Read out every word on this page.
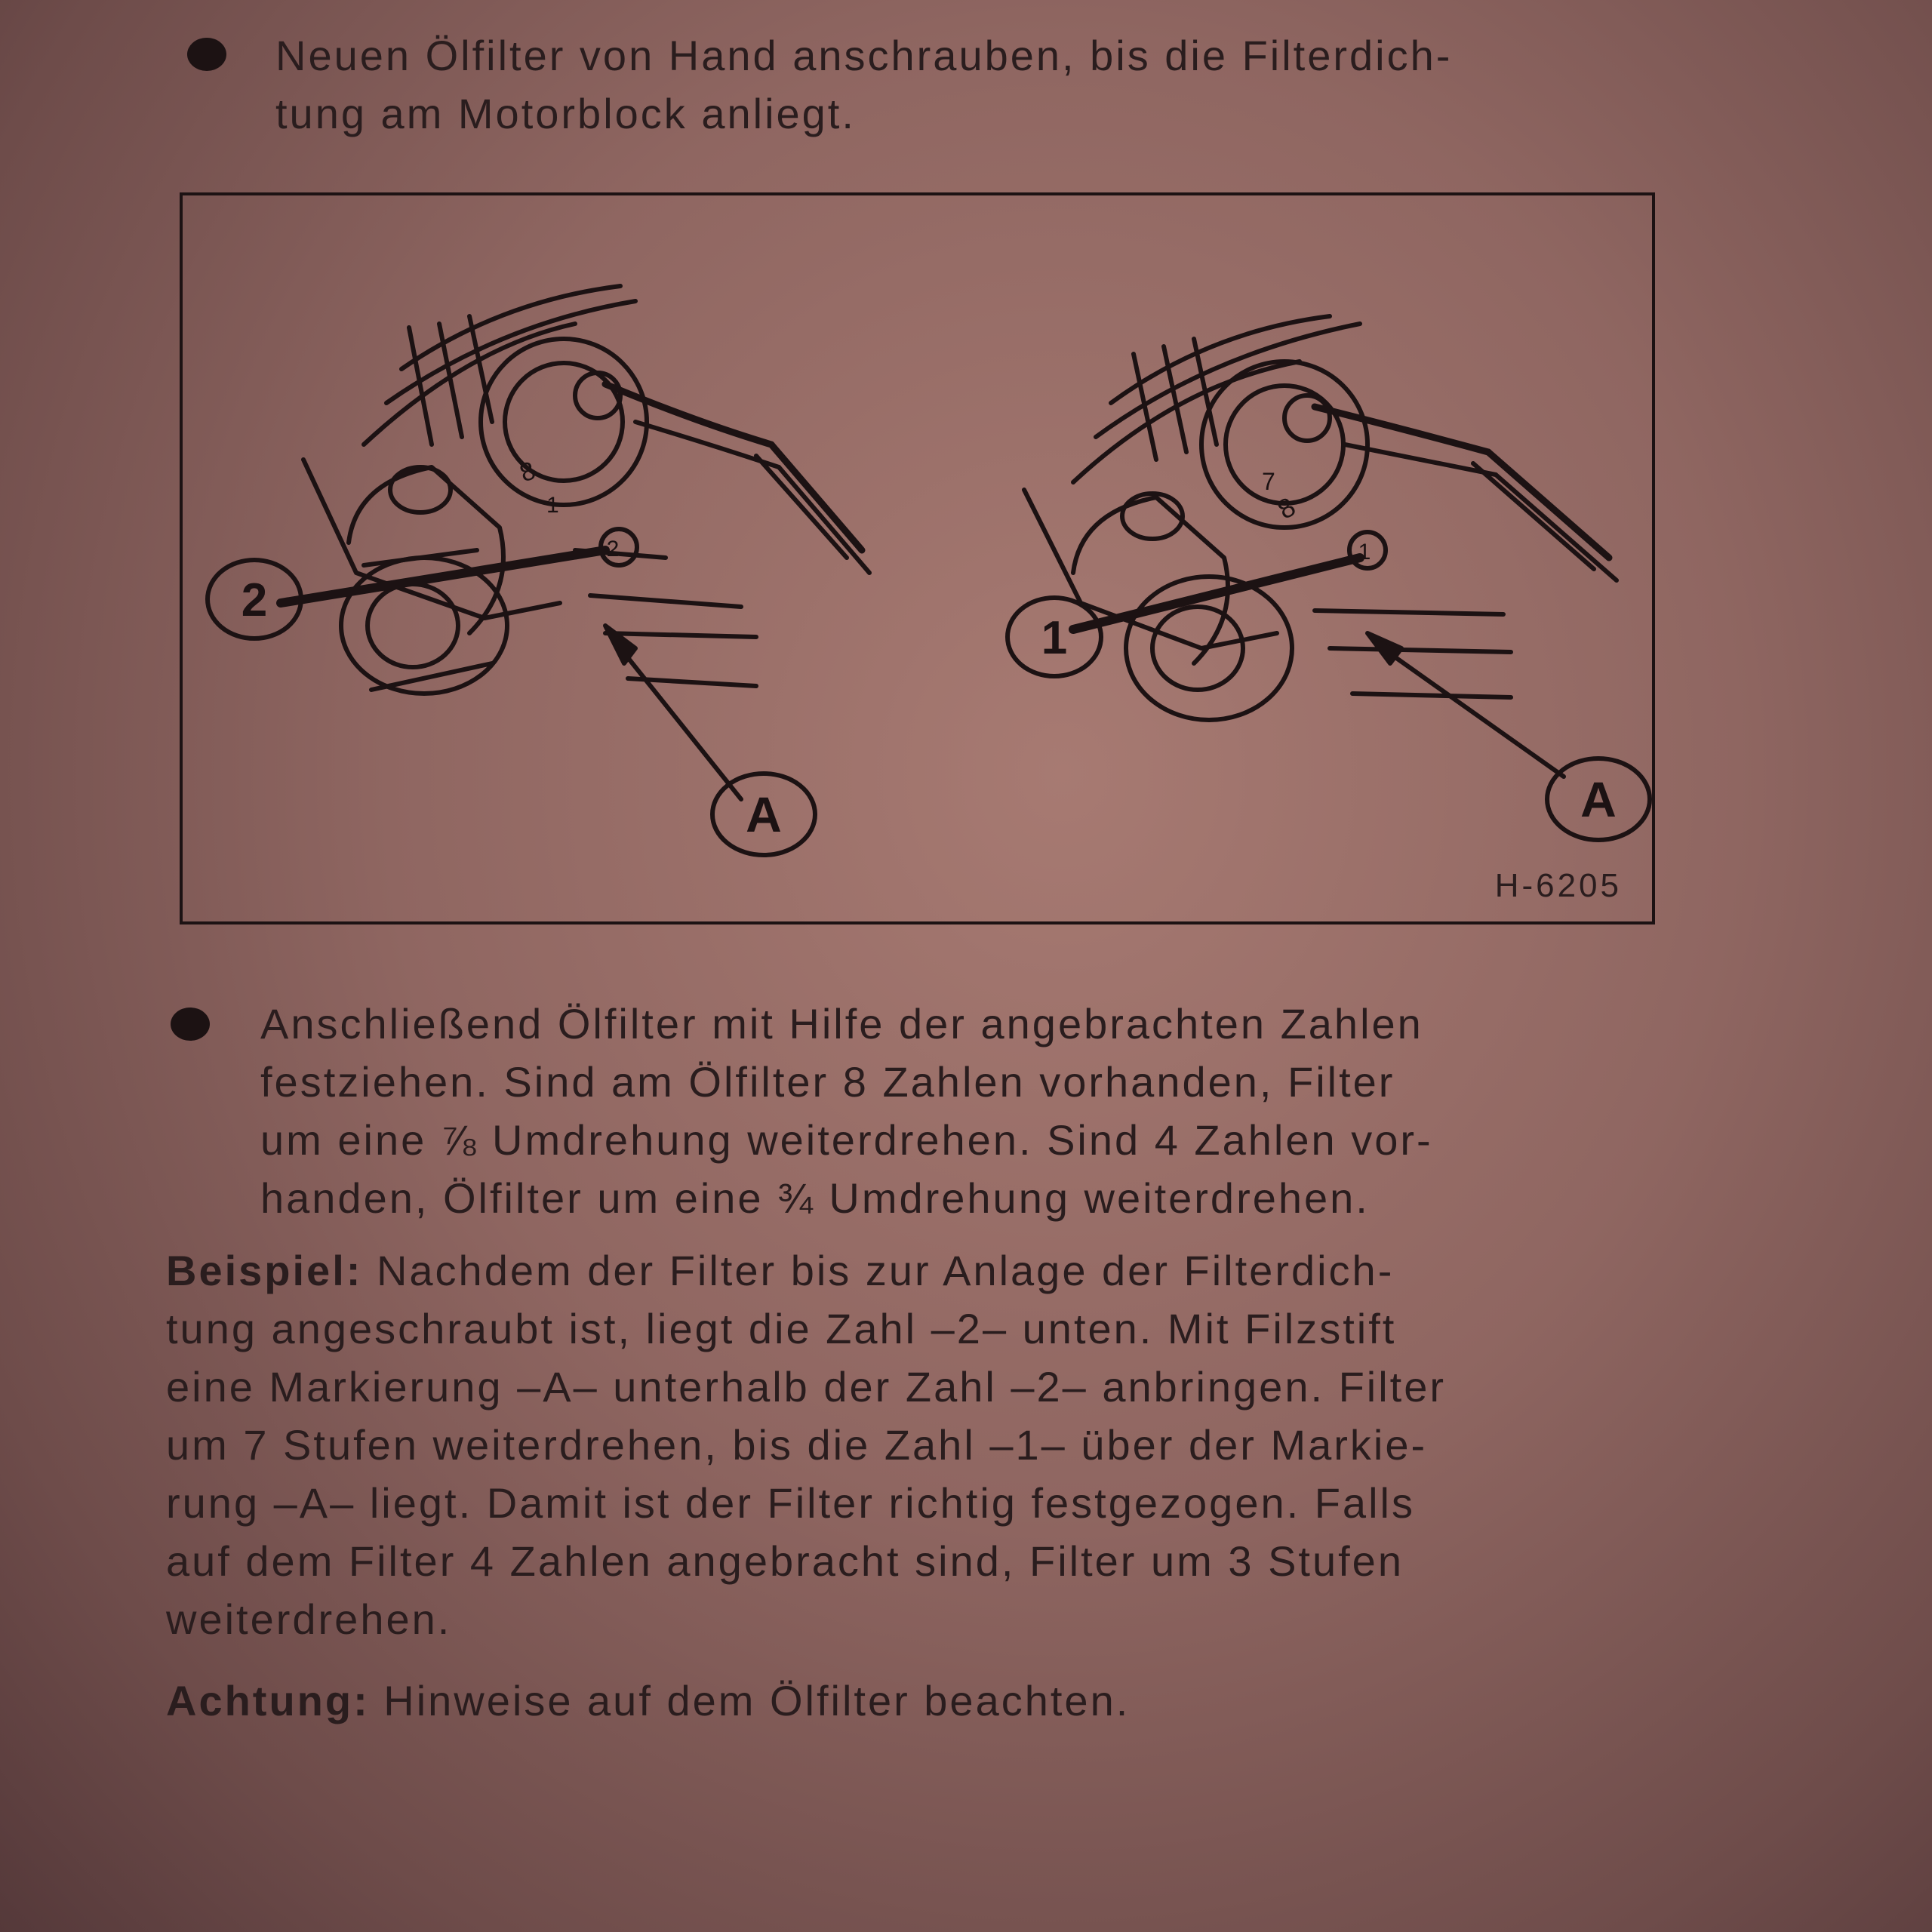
Neuen Ölfilter von Hand anschrauben, bis die Filterdich-
tung am Motorblock anliegt.

2
A
1
A
8
1
2
7
8
1
H-6205

Anschließend Ölfilter mit Hilfe der angebrachten Zahlen
festziehen. Sind am Ölfilter 8 Zahlen vorhanden, Filter
um eine ⅞ Umdrehung weiterdrehen. Sind 4 Zahlen vor-
handen, Ölfilter um eine ¾ Umdrehung weiterdrehen.

Beispiel: Nachdem der Filter bis zur Anlage der Filterdich-
tung angeschraubt ist, liegt die Zahl –2– unten. Mit Filzstift
eine Markierung –A– unterhalb der Zahl –2– anbringen. Filter
um 7 Stufen weiterdrehen, bis die Zahl –1– über der Markie-
rung –A– liegt. Damit ist der Filter richtig festgezogen. Falls
auf dem Filter 4 Zahlen angebracht sind, Filter um 3 Stufen
weiterdrehen.

Achtung: Hinweise auf dem Ölfilter beachten.
